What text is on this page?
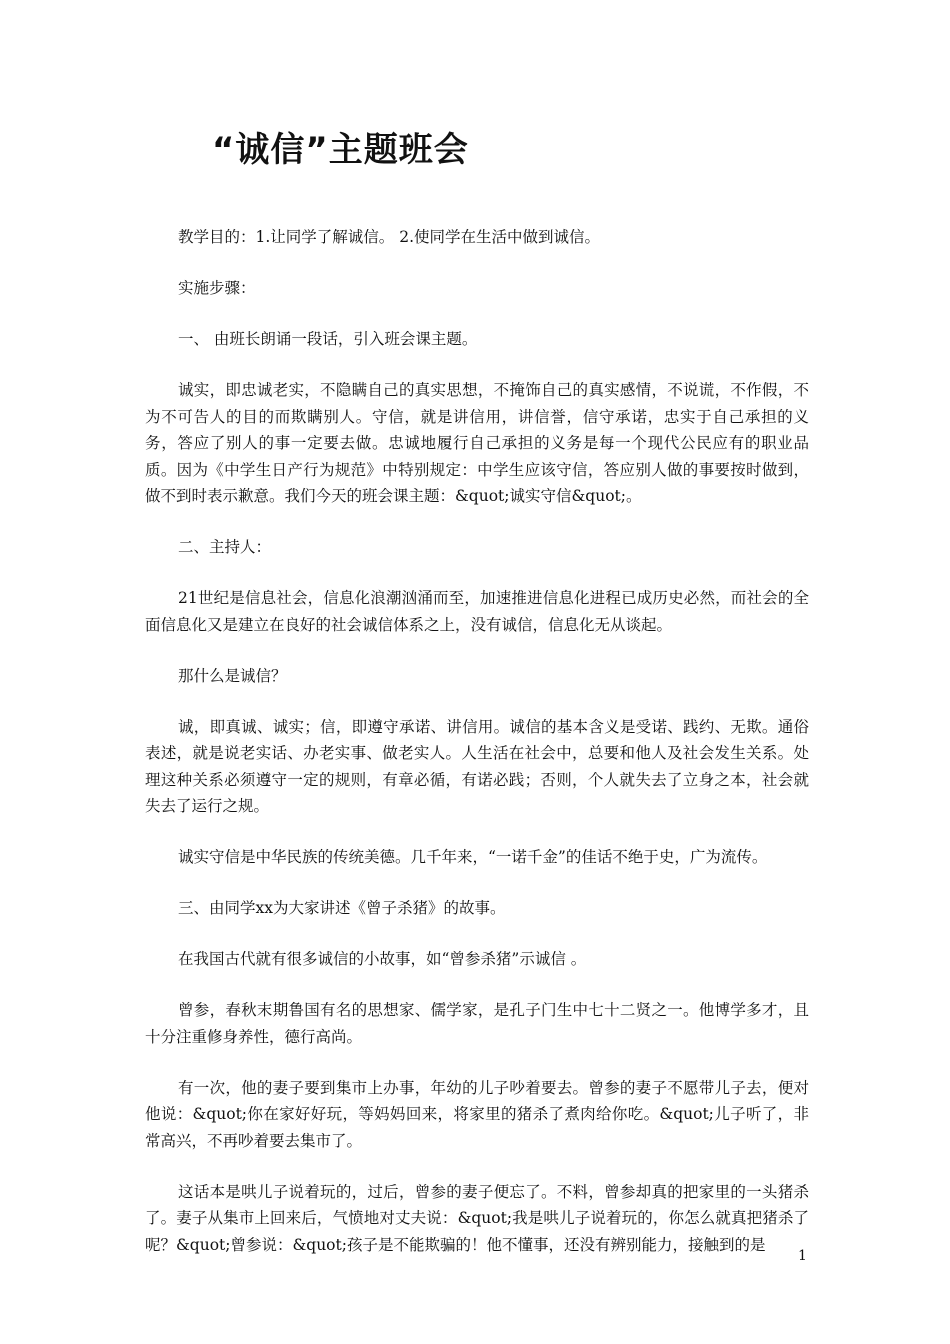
“诚信”主题班会

教学目的：1.让同学了解诚信。 2.使同学在生活中做到诚信。

实施步骤：

一、 由班长朗诵一段话，引入班会课主题。

诚实，即忠诚老实，不隐瞒自己的真实思想，不掩饰自己的真实感情，不说谎，不作假，不为不可告人的目的而欺瞒别人。守信，就是讲信用，讲信誉，信守承诺，忠实于自己承担的义务，答应了别人的事一定要去做。忠诚地履行自己承担的义务是每一个现代公民应有的职业品质。因为《中学生日产行为规范》中特别规定：中学生应该守信，答应别人做的事要按时做到，做不到时表示歉意。我们今天的班会课主题：&quot;诚实守信&quot;。

二、主持人：

21世纪是信息社会，信息化浪潮汹涌而至，加速推进信息化进程已成历史必然，而社会的全面信息化又是建立在良好的社会诚信体系之上，没有诚信，信息化无从谈起。

那什么是诚信？

诚，即真诚、诚实；信，即遵守承诺、讲信用。诚信的基本含义是受诺、践约、无欺。通俗表述，就是说老实话、办老实事、做老实人。人生活在社会中，总要和他人及社会发生关系。处理这种关系必须遵守一定的规则，有章必循，有诺必践；否则，个人就失去了立身之本，社会就失去了运行之规。

诚实守信是中华民族的传统美德。几千年来，“一诺千金”的佳话不绝于史，广为流传。

三、由同学xx为大家讲述《曾子杀猪》的故事。

在我国古代就有很多诚信的小故事，如“曾参杀猪”示诚信 。

曾参，春秋末期鲁国有名的思想家、儒学家，是孔子门生中七十二贤之一。他博学多才，且十分注重修身养性，德行高尚。

有一次，他的妻子要到集市上办事，年幼的儿子吵着要去。曾参的妻子不愿带儿子去，便对他说：&quot;你在家好好玩，等妈妈回来，将家里的猪杀了煮肉给你吃。&quot;儿子听了，非常高兴，不再吵着要去集市了。

这话本是哄儿子说着玩的，过后，曾参的妻子便忘了。不料，曾参却真的把家里的一头猪杀了。妻子从集市上回来后，气愤地对丈夫说：&quot;我是哄儿子说着玩的，你怎么就真把猪杀了呢？&quot;曾参说：&quot;孩子是不能欺骗的！他不懂事，还没有辨别能力，接触到的是

1
